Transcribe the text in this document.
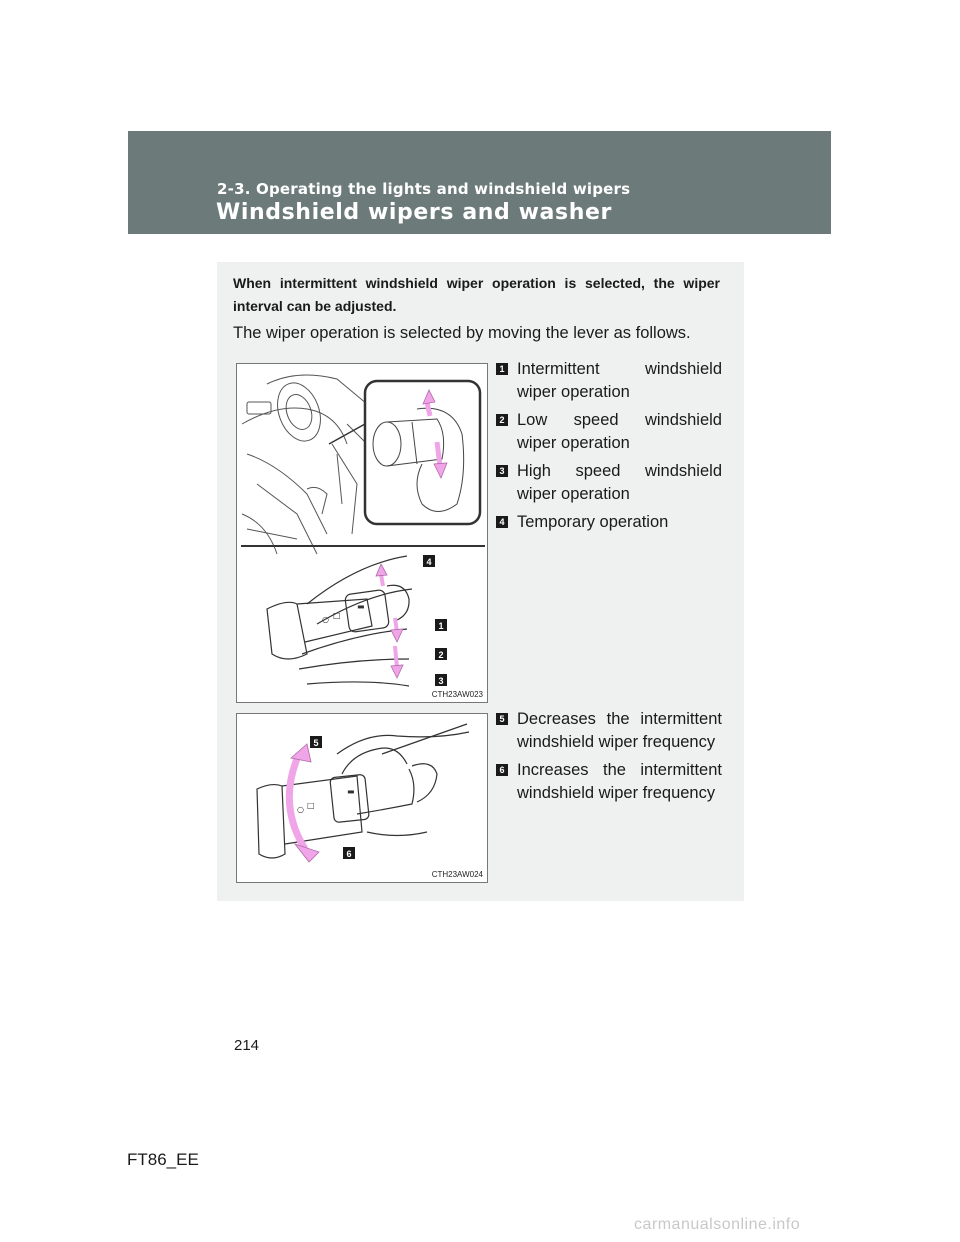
2-3. Operating the lights and windshield wipers
Windshield wipers and washer
When intermittent windshield wiper operation is selected, the wiper interval can be adjusted.
The wiper operation is selected by moving the lever as follows.
○ □
▬
4
1
2
3
CTH23AW023
1 Intermittent windshield wiper operation
2 Low speed windshield wiper operation
3 High speed windshield wiper operation
4 Temporary operation
○ □
▬
5
6
CTH23AW024
5 Decreases the intermittent windshield wiper frequency
6 Increases the intermittent windshield wiper frequency
214
FT86_EE
carmanualsonline.info
